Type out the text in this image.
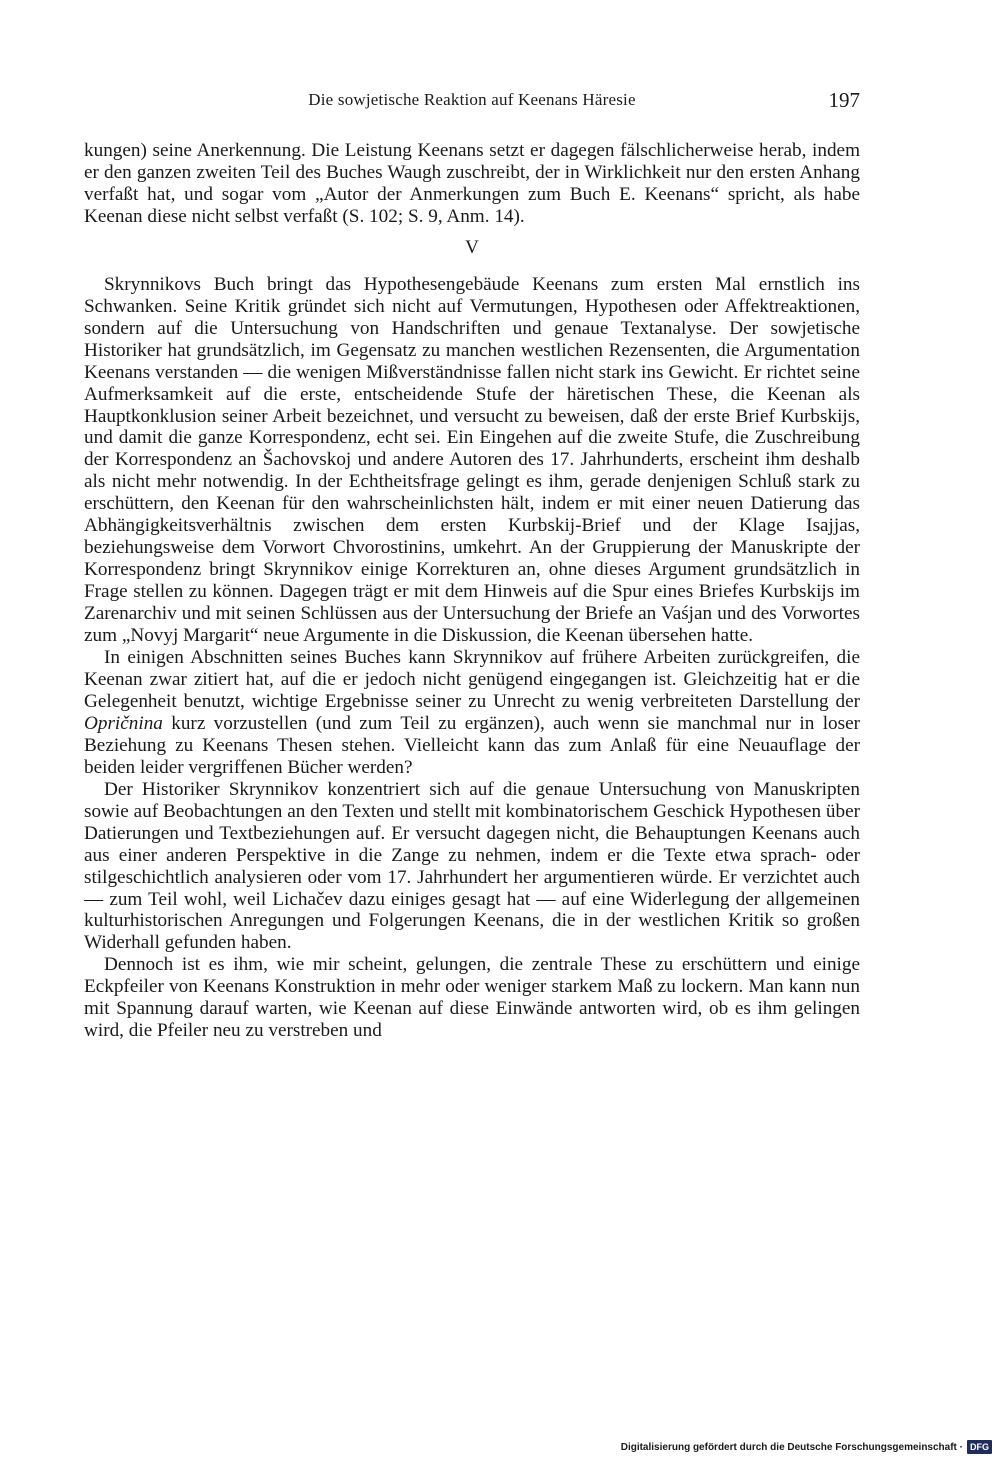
Die sowjetische Reaktion auf Keenans Häresie	197

kungen) seine Anerkennung. Die Leistung Keenans setzt er dagegen fälschlicherweise herab, indem er den ganzen zweiten Teil des Buches Waugh zuschreibt, der in Wirklichkeit nur den ersten Anhang verfaßt hat, und sogar vom „Autor der Anmerkungen zum Buch E. Keenans“ spricht, als habe Keenan diese nicht selbst verfaßt (S. 102; S. 9, Anm. 14).

V

Skrynnikovs Buch bringt das Hypothesengebäude Keenans zum ersten Mal ernstlich ins Schwanken. Seine Kritik gründet sich nicht auf Vermutungen, Hypothesen oder Affektreaktionen, sondern auf die Untersuchung von Handschriften und genaue Textanalyse. Der sowjetische Historiker hat grundsätzlich, im Gegensatz zu manchen westlichen Rezensenten, die Argumentation Keenans verstanden — die wenigen Mißverständnisse fallen nicht stark ins Gewicht. Er richtet seine Aufmerksamkeit auf die erste, entscheidende Stufe der häretischen These, die Keenan als Hauptkonklusion seiner Arbeit bezeichnet, und versucht zu beweisen, daß der erste Brief Kurbskijs, und damit die ganze Korrespondenz, echt sei. Ein Eingehen auf die zweite Stufe, die Zuschreibung der Korrespondenz an Šachovskoj und andere Autoren des 17. Jahrhunderts, erscheint ihm deshalb als nicht mehr notwendig. In der Echtheitsfrage gelingt es ihm, gerade denjenigen Schluß stark zu erschüttern, den Keenan für den wahrscheinlichsten hält, indem er mit einer neuen Datierung das Abhängigkeitsverhältnis zwischen dem ersten Kurbskij-Brief und der Klage Isajjas, beziehungsweise dem Vorwort Chvorostinins, umkehrt. An der Gruppierung der Manuskripte der Korrespondenz bringt Skrynnikov einige Korrekturen an, ohne dieses Argument grundsätzlich in Frage stellen zu können. Dagegen trägt er mit dem Hinweis auf die Spur eines Briefes Kurbskijs im Zarenarchiv und mit seinen Schlüssen aus der Untersuchung der Briefe an Vaśjan und des Vorwortes zum „Novyj Margarit“ neue Argumente in die Diskussion, die Keenan übersehen hatte.

In einigen Abschnitten seines Buches kann Skrynnikov auf frühere Arbeiten zurückgreifen, die Keenan zwar zitiert hat, auf die er jedoch nicht genügend eingegangen ist. Gleichzeitig hat er die Gelegenheit benutzt, wichtige Ergebnisse seiner zu Unrecht zu wenig verbreiteten Darstellung der Opričnina kurz vorzustellen (und zum Teil zu ergänzen), auch wenn sie manchmal nur in loser Beziehung zu Keenans Thesen stehen. Vielleicht kann das zum Anlaß für eine Neuauflage der beiden leider vergriffenen Bücher werden?

Der Historiker Skrynnikov konzentriert sich auf die genaue Untersuchung von Manuskripten sowie auf Beobachtungen an den Texten und stellt mit kombinatorischem Geschick Hypothesen über Datierungen und Textbeziehungen auf. Er versucht dagegen nicht, die Behauptungen Keenans auch aus einer anderen Perspektive in die Zange zu nehmen, indem er die Texte etwa sprach- oder stilgeschichtlich analysieren oder vom 17. Jahrhundert her argumentieren würde. Er verzichtet auch — zum Teil wohl, weil Lichačev dazu einiges gesagt hat — auf eine Widerlegung der allgemeinen kulturhistorischen Anregungen und Folgerungen Keenans, die in der westlichen Kritik so großen Widerhall gefunden haben.

Dennoch ist es ihm, wie mir scheint, gelungen, die zentrale These zu erschüttern und einige Eckpfeiler von Keenans Konstruktion in mehr oder weniger starkem Maß zu lockern. Man kann nun mit Spannung darauf warten, wie Keenan auf diese Einwände antworten wird, ob es ihm gelingen wird, die Pfeiler neu zu verstreben und

Digitalisierung gefördert durch die Deutsche Forschungsgemeinschaft · DFG
